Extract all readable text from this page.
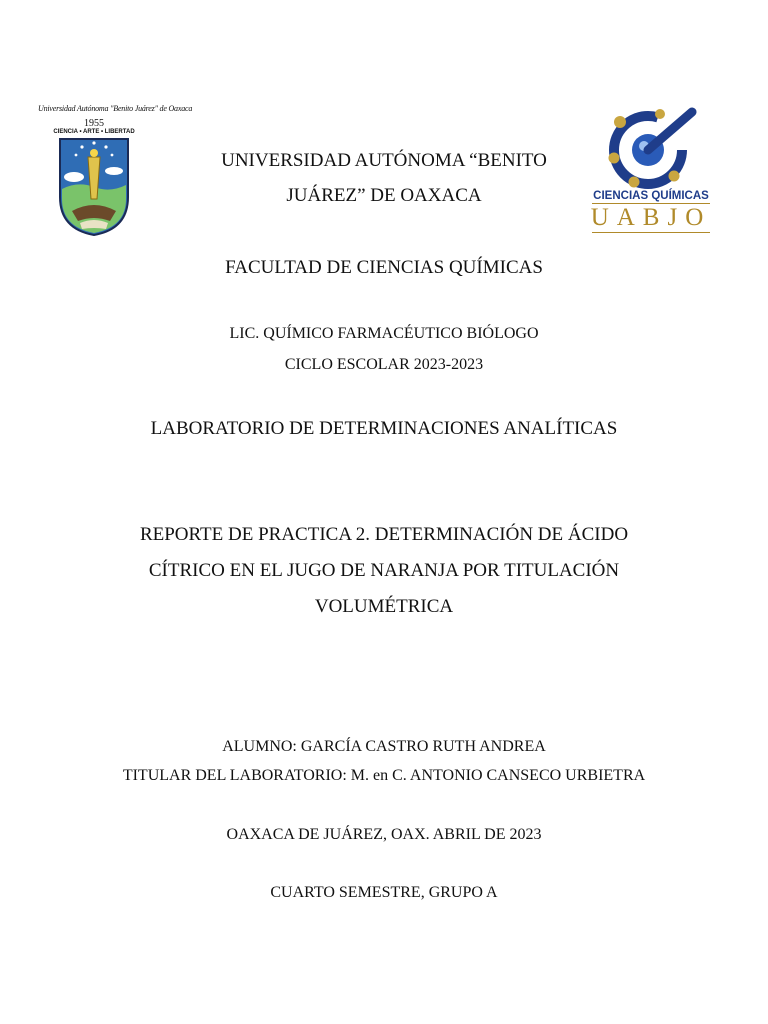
Universidad Autónoma "Benito Juárez" de Oaxaca
1955
CIENCIA • ARTE • LIBERTAD
CIENCIAS QUÍMICAS
UABJO
UNIVERSIDAD AUTÓNOMA “BENITO
JUÁREZ” DE OAXACA
FACULTAD DE CIENCIAS QUÍMICAS
LIC. QUÍMICO FARMACÉUTICO BIÓLOGO
CICLO ESCOLAR 2023-2023
LABORATORIO DE DETERMINACIONES ANALÍTICAS
REPORTE DE PRACTICA 2. DETERMINACIÓN DE ÁCIDO
CÍTRICO EN EL JUGO DE NARANJA POR TITULACIÓN
VOLUMÉTRICA
ALUMNO: GARCÍA CASTRO RUTH ANDREA
TITULAR DEL LABORATORIO: M. en C. ANTONIO CANSECO URBIETRA
OAXACA DE JUÁREZ, OAX. ABRIL DE 2023
CUARTO SEMESTRE, GRUPO A
